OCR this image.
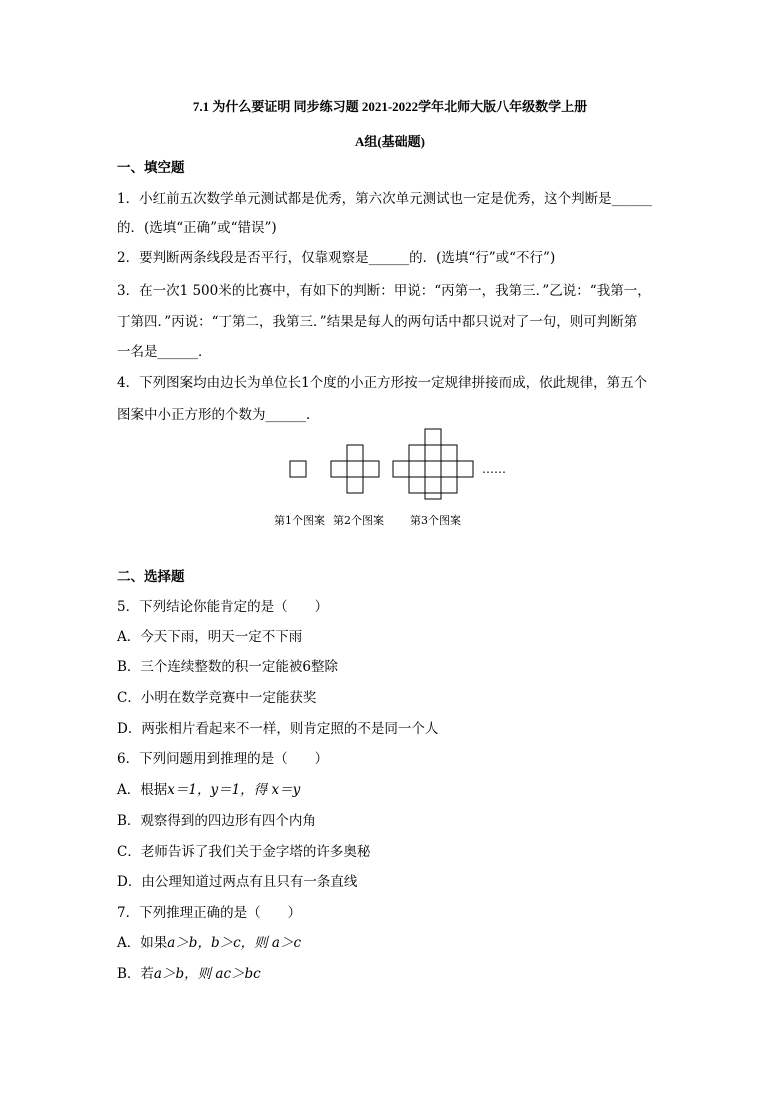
7.1 为什么要证明 同步练习题 2021-2022学年北师大版八年级数学上册
A组(基础题)
一、填空题
1．小红前五次数学单元测试都是优秀，第六次单元测试也一定是优秀，这个判断是______
的．(选填“正确”或“错误”)
2．要判断两条线段是否平行，仅靠观察是______的．(选填“行”或“不行”)
3．在一次1 500米的比赛中，有如下的判断：甲说：“丙第一，我第三．”乙说：“我第一，
丁第四．”丙说：“丁第二，我第三．”结果是每人的两句话中都只说对了一句，则可判断第
一名是______．
4．下列图案均由边长为单位长1个度的小正方形按一定规律拼接而成，依此规律，第五个
图案中小正方形的个数为______．
……
第1个图案 第2个图案 第3个图案
二、选择题
5．下列结论你能肯定的是（　　）
A．今天下雨，明天一定不下雨
B．三个连续整数的积一定能被6整除
C．小明在数学竞赛中一定能获奖
D．两张相片看起来不一样，则肯定照的不是同一个人
6．下列问题用到推理的是（　　）
A．根据x＝1，y＝1，得 x＝y
B．观察得到的四边形有四个内角
C．老师告诉了我们关于金字塔的许多奥秘
D．由公理知道过两点有且只有一条直线
7．下列推理正确的是（　　）
A．如果a＞b，b＞c，则 a＞c
B．若a＞b，则 ac＞bc
